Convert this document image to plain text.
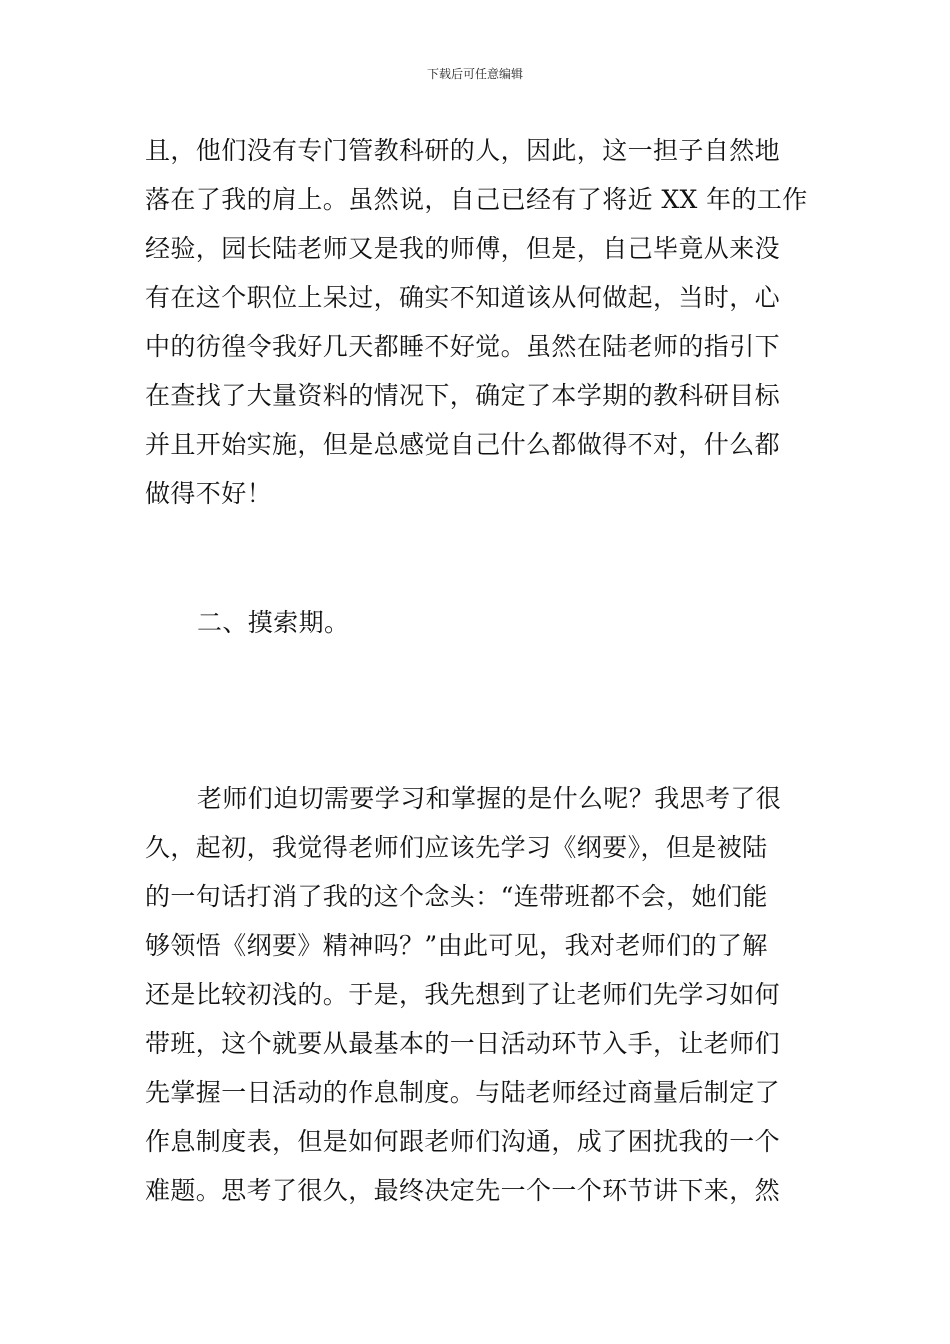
下载后可任意编辑
且，他们没有专门管教科研的人，因此，这一担子自然地
落在了我的肩上。虽然说，自己已经有了将近 XX 年的工作
经验，园长陆老师又是我的师傅，但是，自己毕竟从来没
有在这个职位上呆过，确实不知道该从何做起，当时，心
中的彷徨令我好几天都睡不好觉。虽然在陆老师的指引下
在查找了大量资料的情况下，确定了本学期的教科研目标
并且开始实施，但是总感觉自己什么都做得不对，什么都
做得不好！
二、摸索期。
老师们迫切需要学习和掌握的是什么呢？我思考了很
久，起初，我觉得老师们应该先学习《纲要》，但是被陆
的一句话打消了我的这个念头：“连带班都不会，她们能
够领悟《纲要》精神吗？”由此可见，我对老师们的了解
还是比较初浅的。于是，我先想到了让老师们先学习如何
带班，这个就要从最基本的一日活动环节入手，让老师们
先掌握一日活动的作息制度。与陆老师经过商量后制定了
作息制度表，但是如何跟老师们沟通，成了困扰我的一个
难题。思考了很久，最终决定先一个一个环节讲下来，然
